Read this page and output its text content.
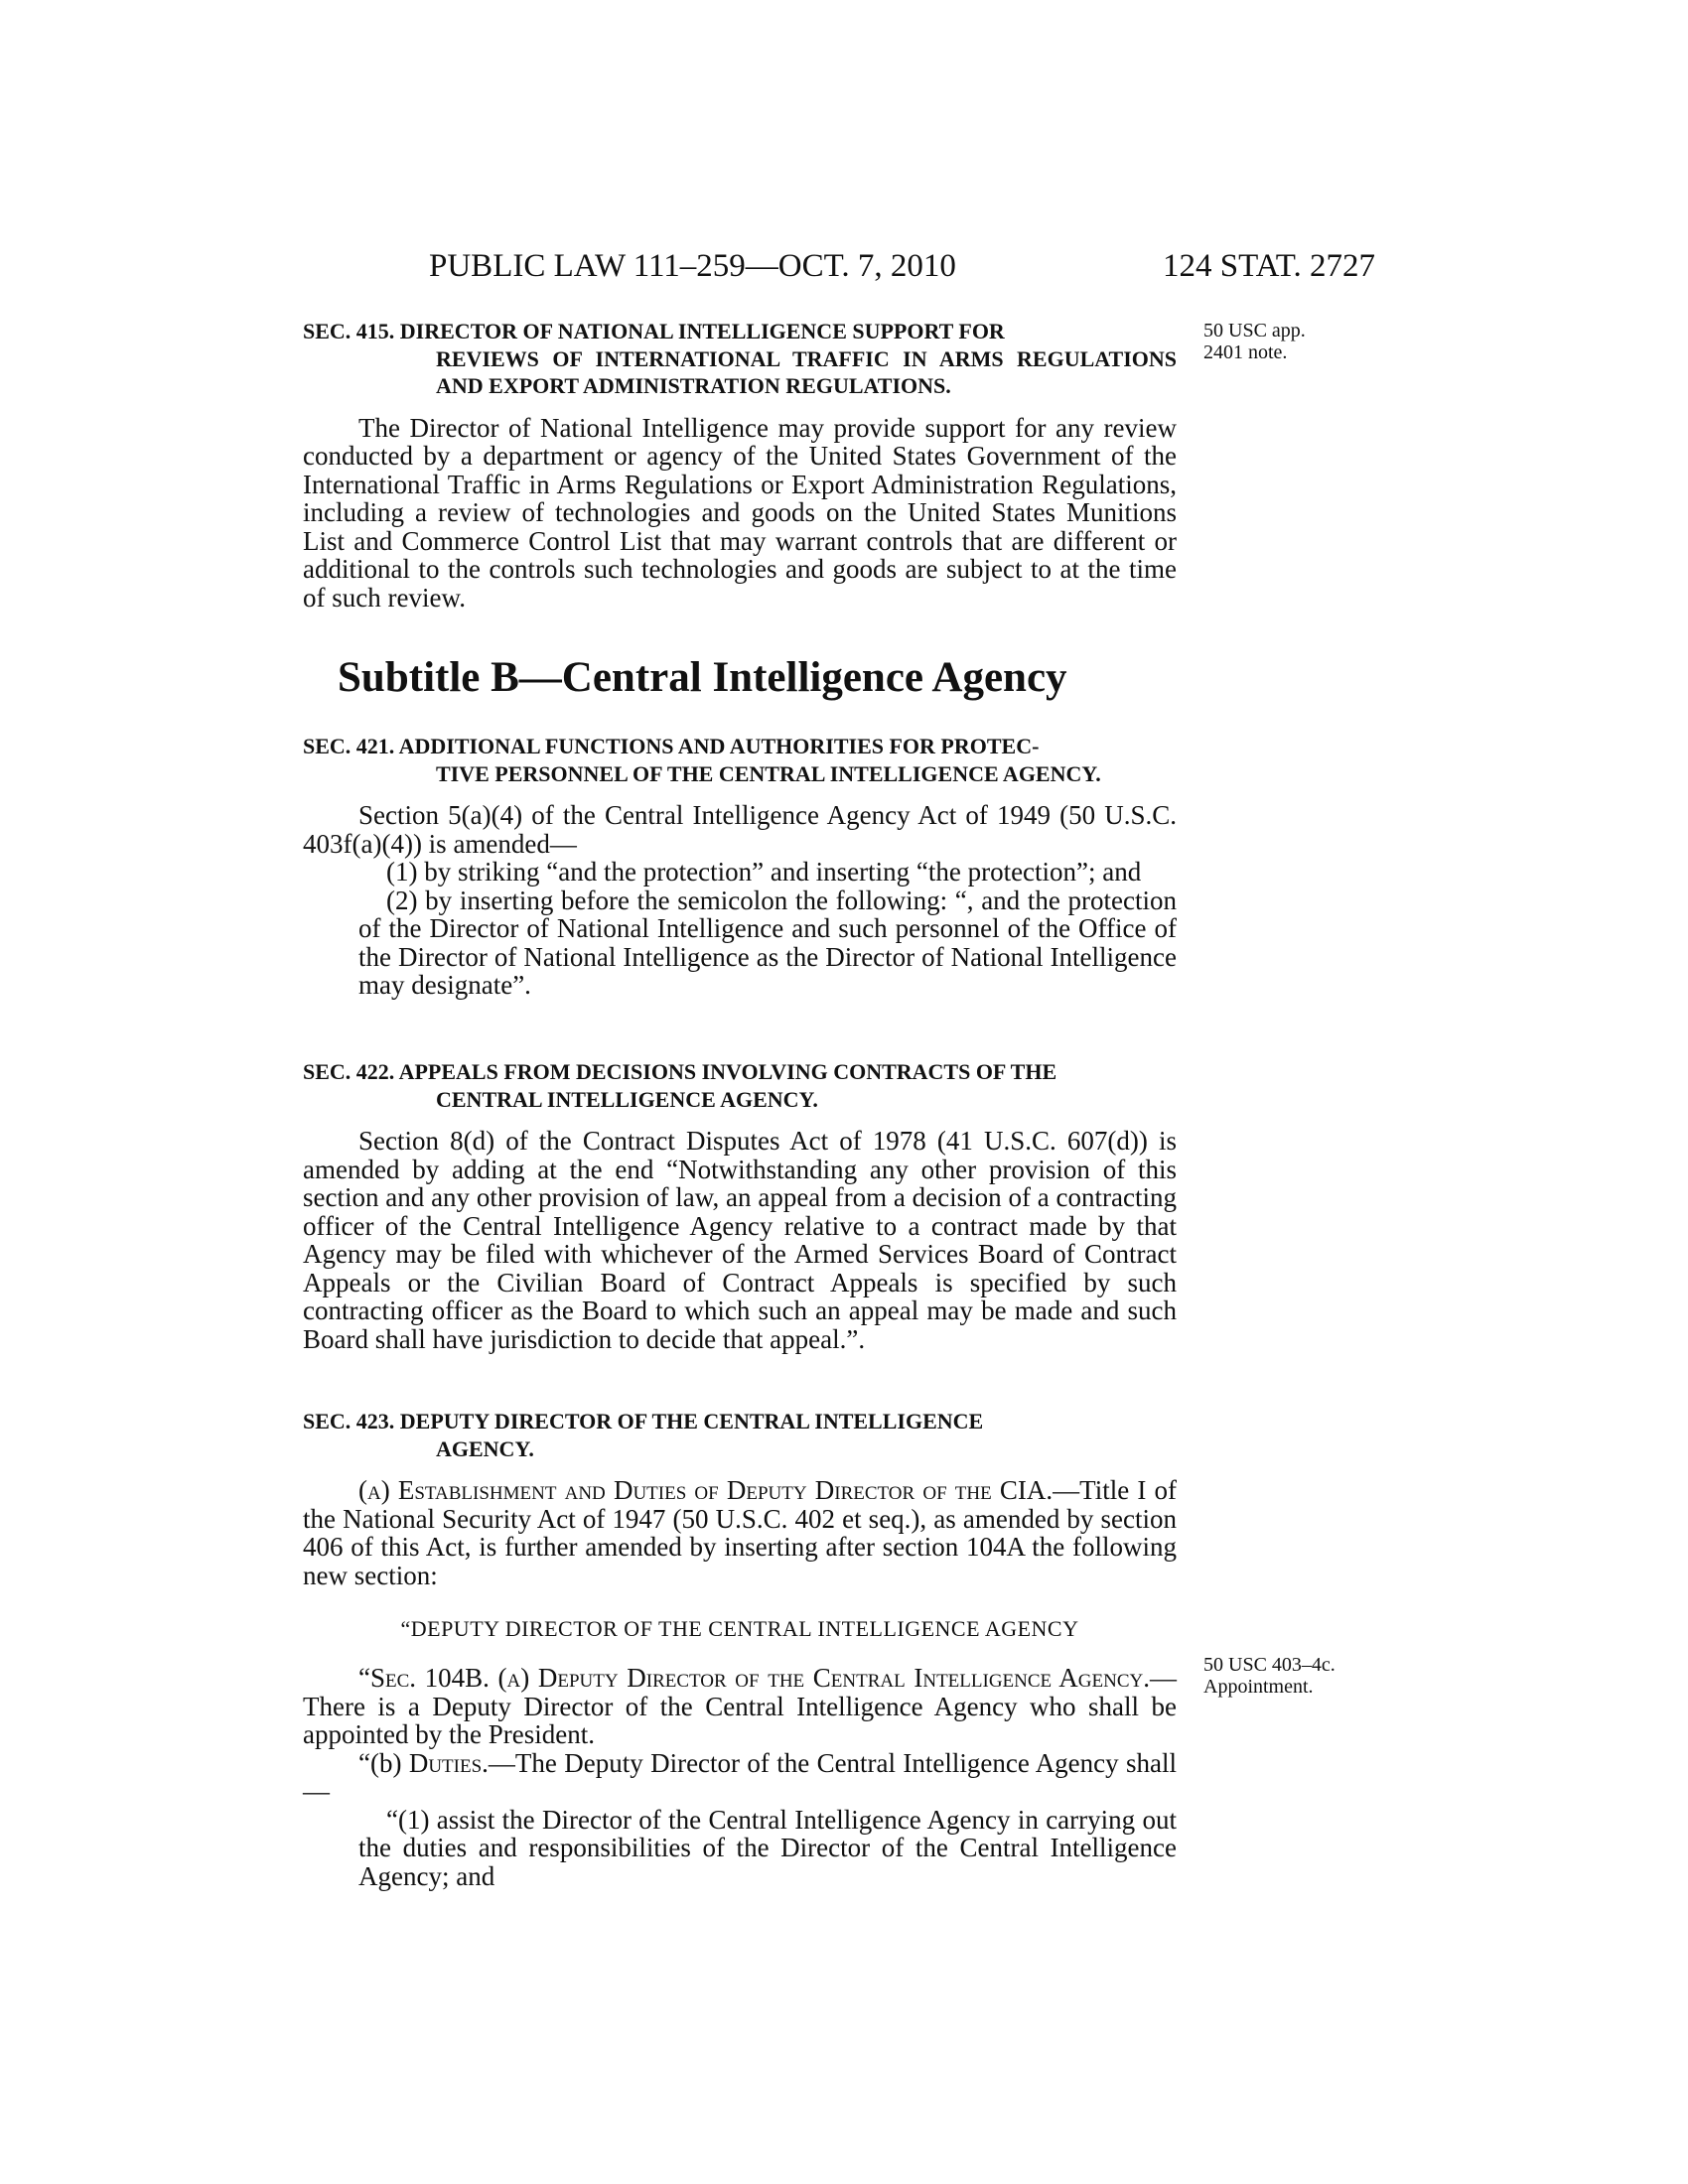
PUBLIC LAW 111–259—OCT. 7, 2010	124 STAT. 2727
50 USC app.
2401 note.
50 USC 403–4c.
Appointment.

SEC. 415. DIRECTOR OF NATIONAL INTELLIGENCE SUPPORT FOR
REVIEWS OF INTERNATIONAL TRAFFIC IN ARMS REGULATIONS AND EXPORT ADMINISTRATION REGULATIONS.

The Director of National Intelligence may provide support for any review conducted by a department or agency of the United States Government of the International Traffic in Arms Regulations or Export Administration Regulations, including a review of technologies and goods on the United States Munitions List and Commerce Control List that may warrant controls that are different or additional to the controls such technologies and goods are subject to at the time of such review.

Subtitle B—Central Intelligence Agency

SEC. 421. ADDITIONAL FUNCTIONS AND AUTHORITIES FOR PROTEC-
TIVE PERSONNEL OF THE CENTRAL INTELLIGENCE AGENCY.

Section 5(a)(4) of the Central Intelligence Agency Act of 1949 (50 U.S.C. 403f(a)(4)) is amended—

(1) by striking “and the protection” and inserting “the protection”; and

(2) by inserting before the semicolon the following: “, and the protection of the Director of National Intelligence and such personnel of the Office of the Director of National Intelligence as the Director of National Intelligence may designate”.

SEC. 422. APPEALS FROM DECISIONS INVOLVING CONTRACTS OF THE
CENTRAL INTELLIGENCE AGENCY.

Section 8(d) of the Contract Disputes Act of 1978 (41 U.S.C. 607(d)) is amended by adding at the end “Notwithstanding any other provision of this section and any other provision of law, an appeal from a decision of a contracting officer of the Central Intelligence Agency relative to a contract made by that Agency may be filed with whichever of the Armed Services Board of Contract Appeals or the Civilian Board of Contract Appeals is specified by such contracting officer as the Board to which such an appeal may be made and such Board shall have jurisdiction to decide that appeal.”.

SEC. 423. DEPUTY DIRECTOR OF THE CENTRAL INTELLIGENCE
AGENCY.

(a) Establishment and Duties of Deputy Director of the CIA.—Title I of the National Security Act of 1947 (50 U.S.C. 402 et seq.), as amended by section 406 of this Act, is further amended by inserting after section 104A the following new section:

“DEPUTY DIRECTOR OF THE CENTRAL INTELLIGENCE AGENCY

“Sec. 104B. (a) Deputy Director of the Central Intelligence Agency.—There is a Deputy Director of the Central Intelligence Agency who shall be appointed by the President.

“(b) Duties.—The Deputy Director of the Central Intelligence Agency shall—

“(1) assist the Director of the Central Intelligence Agency in carrying out the duties and responsibilities of the Director of the Central Intelligence Agency; and
